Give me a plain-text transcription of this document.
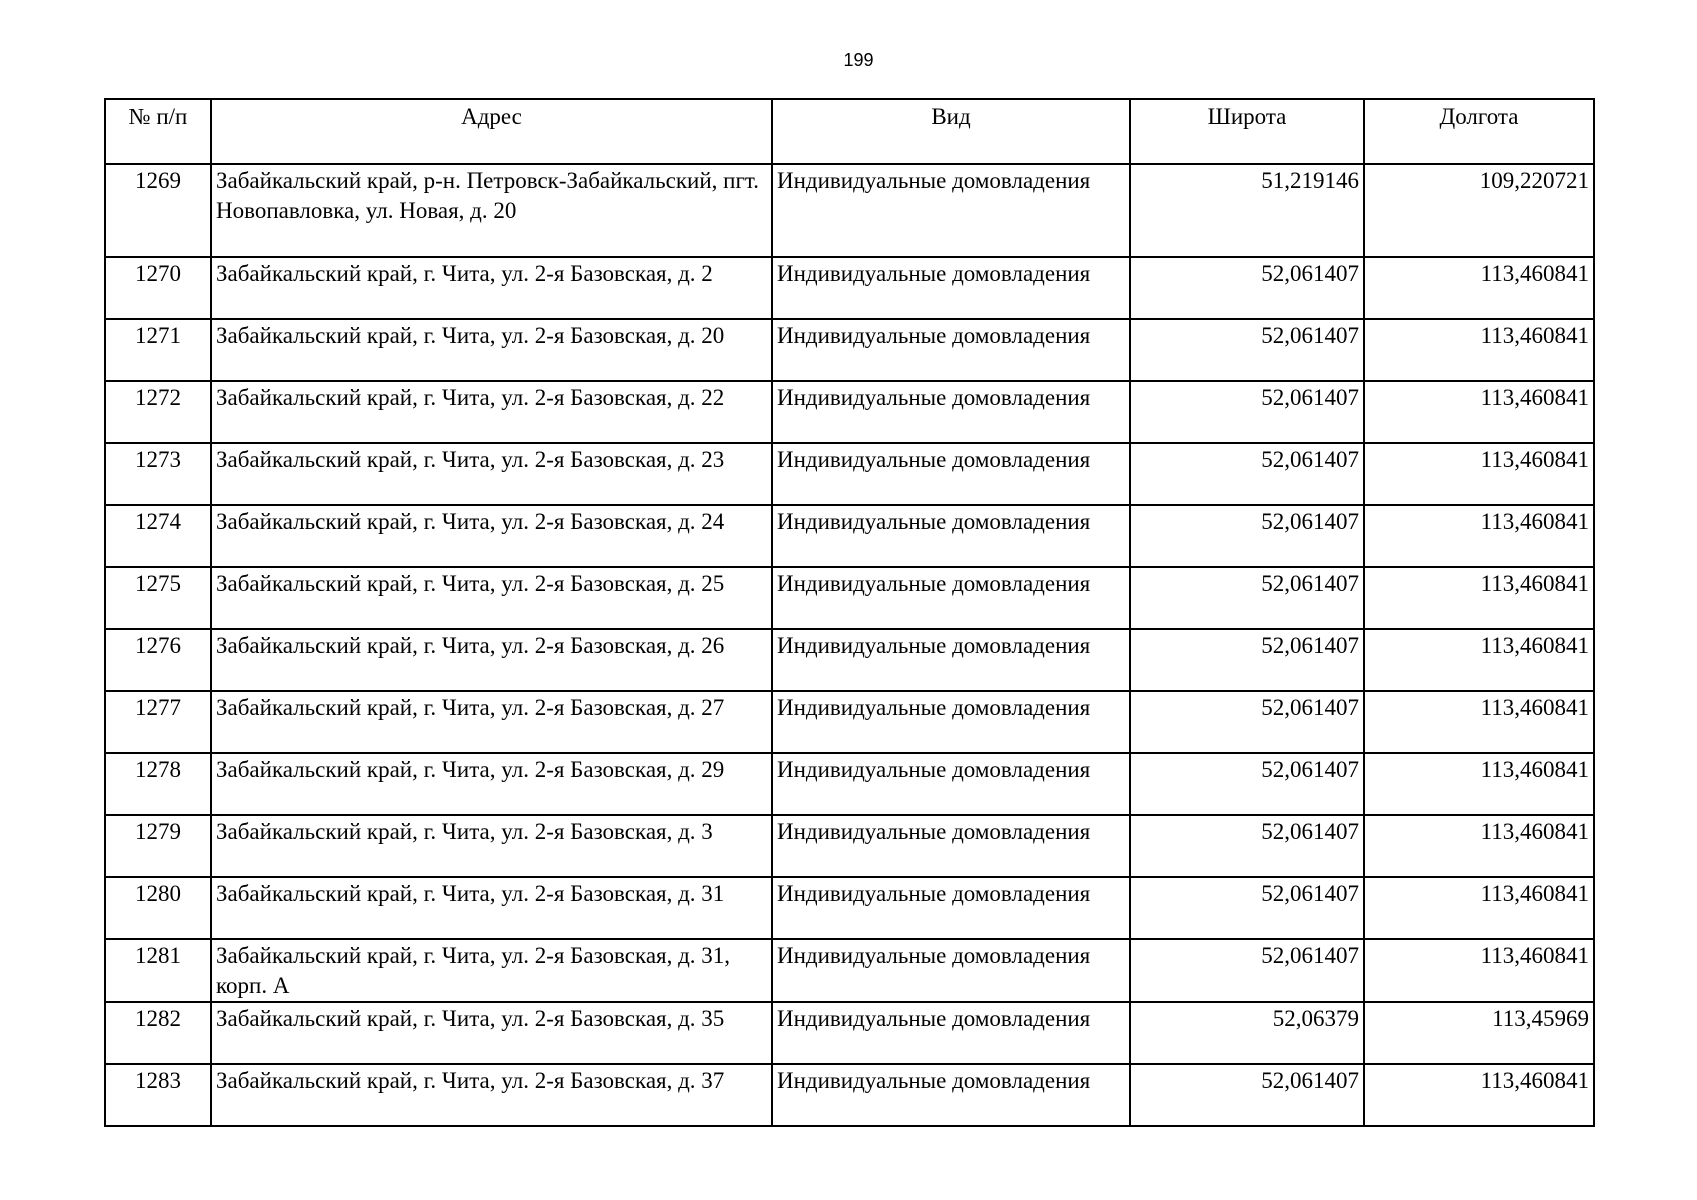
199
№ п/п	Адрес	Вид	Широта	Долгота
1269	Забайкальский край, р-н. Петровск-Забайкальский, пгт. Новопавловка, ул. Новая, д. 20	Индивидуальные домовладения	51,219146	109,220721
1270	Забайкальский край, г. Чита, ул. 2-я Базовская, д. 2	Индивидуальные домовладения	52,061407	113,460841
1271	Забайкальский край, г. Чита, ул. 2-я Базовская, д. 20	Индивидуальные домовладения	52,061407	113,460841
1272	Забайкальский край, г. Чита, ул. 2-я Базовская, д. 22	Индивидуальные домовладения	52,061407	113,460841
1273	Забайкальский край, г. Чита, ул. 2-я Базовская, д. 23	Индивидуальные домовладения	52,061407	113,460841
1274	Забайкальский край, г. Чита, ул. 2-я Базовская, д. 24	Индивидуальные домовладения	52,061407	113,460841
1275	Забайкальский край, г. Чита, ул. 2-я Базовская, д. 25	Индивидуальные домовладения	52,061407	113,460841
1276	Забайкальский край, г. Чита, ул. 2-я Базовская, д. 26	Индивидуальные домовладения	52,061407	113,460841
1277	Забайкальский край, г. Чита, ул. 2-я Базовская, д. 27	Индивидуальные домовладения	52,061407	113,460841
1278	Забайкальский край, г. Чита, ул. 2-я Базовская, д. 29	Индивидуальные домовладения	52,061407	113,460841
1279	Забайкальский край, г. Чита, ул. 2-я Базовская, д. 3	Индивидуальные домовладения	52,061407	113,460841
1280	Забайкальский край, г. Чита, ул. 2-я Базовская, д. 31	Индивидуальные домовладения	52,061407	113,460841
1281	Забайкальский край, г. Чита, ул. 2-я Базовская, д. 31, корп. А	Индивидуальные домовладения	52,061407	113,460841
1282	Забайкальский край, г. Чита, ул. 2-я Базовская, д. 35	Индивидуальные домовладения	52,06379	113,45969
1283	Забайкальский край, г. Чита, ул. 2-я Базовская, д. 37	Индивидуальные домовладения	52,061407	113,460841
